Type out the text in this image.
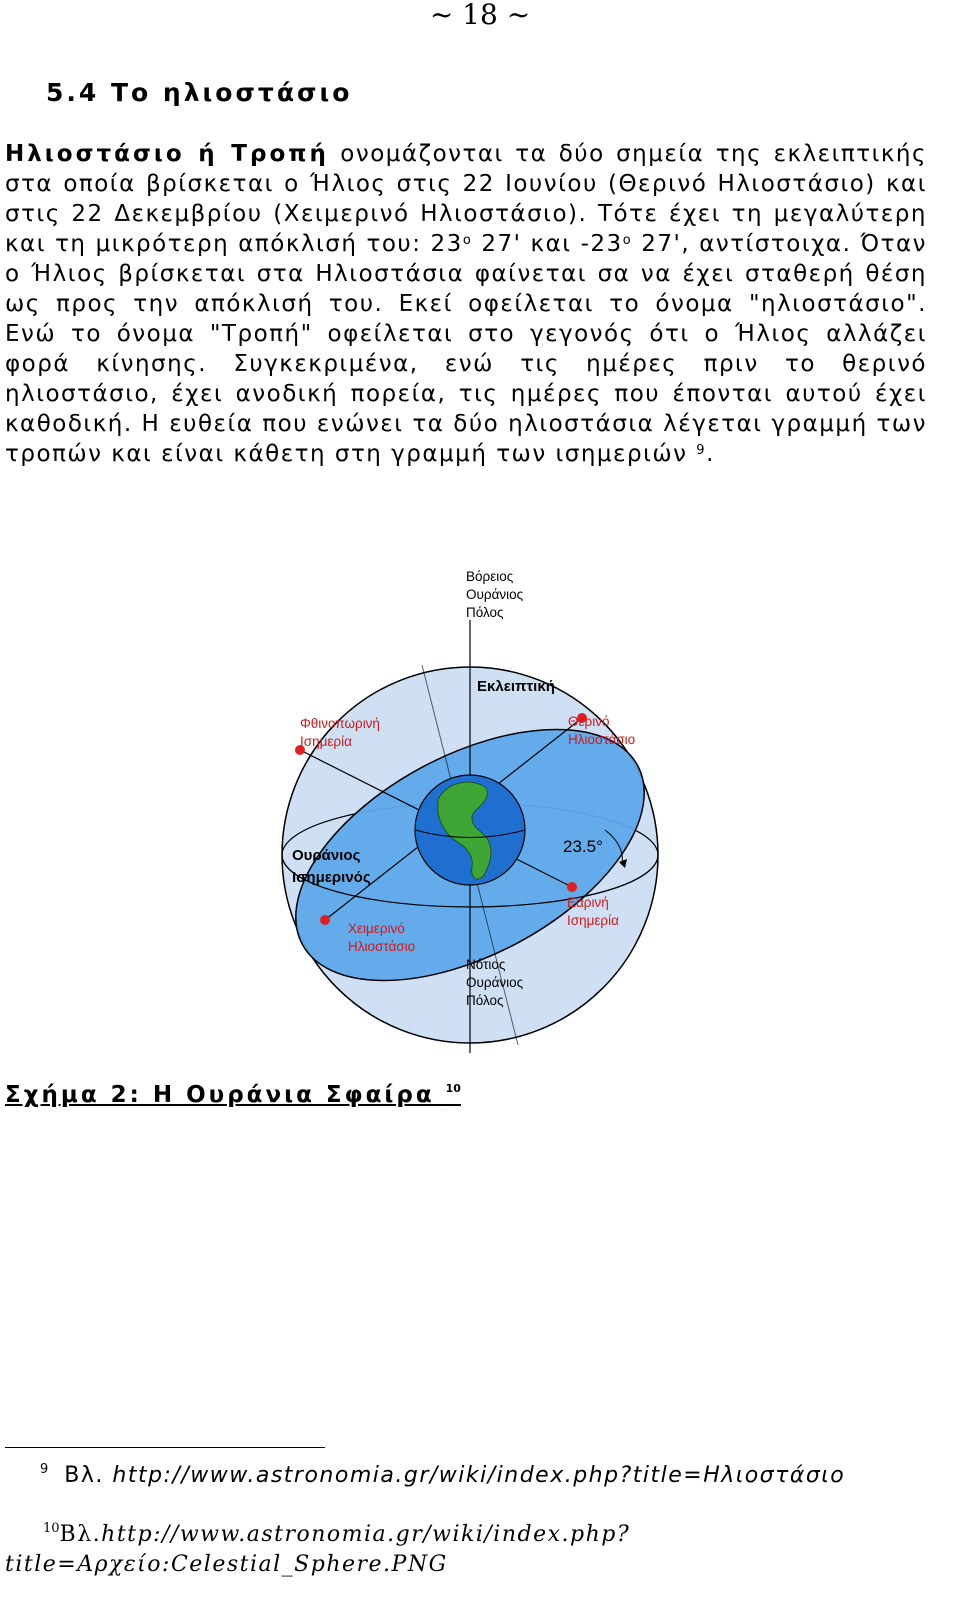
~ 18 ~
5.4 Το ηλιοστάσιο

Ηλιοστάσιο ή Τροπή ονομάζονται τα δύο σημεία της εκλειπτικής στα οποία βρίσκεται ο Ήλιος στις 22 Ιουνίου (Θερινό Ηλιοστάσιο) και στις 22 Δεκεμβρίου (Χειμερινό Ηλιοστάσιο). Τότε έχει τη μεγαλύτερη και τη μικρότερη απόκλισή του: $23^o$ 27' και $-23^o$ 27', αντίστοιχα. Όταν ο Ήλιος βρίσκεται στα Ηλιοστάσια φαίνεται σα να έχει σταθερή θέση ως προς την απόκλισή του. Εκεί οφείλεται το όνομα "ηλιοστάσιο". Ενώ το όνομα "Τροπή" οφείλεται στο γεγονός ότι ο Ήλιος αλλάζει φορά κίνησης. Συγκεκριμένα, ενώ τις ημέρες πριν το θερινό ηλιοστάσιο, έχει ανοδική πορεία, τις ημέρες που έπονται αυτού έχει καθοδική. Η ευθεία που ενώνει τα δύο ηλιοστάσια λέγεται γραμμή των τροπών και είναι κάθετη στη γραμμή των ισημεριών $^9$.

Βόρειος Ουράνιος Πόλος
Εκλειπτική
Φθινοπωρινή Ισημερία
Θερινό Ηλιοστάσιο
Ουράνιος Ισημερινός
23.5°
Εαρινή Ισημερία
Χειμερινό Ηλιοστάσιο
Νότιος Ουράνιος Πόλος
Σχήμα 2: Η Ουράνια Σφαίρα $^{10}$
$^9$ Βλ. http://www.astronomia.gr/wiki/index.php?title=Ηλιοστάσιο
$^{10}$Βλ.http://www.astronomia.gr/wiki/index.php?title=Αρχείο:Celestial_Sphere.PNG
